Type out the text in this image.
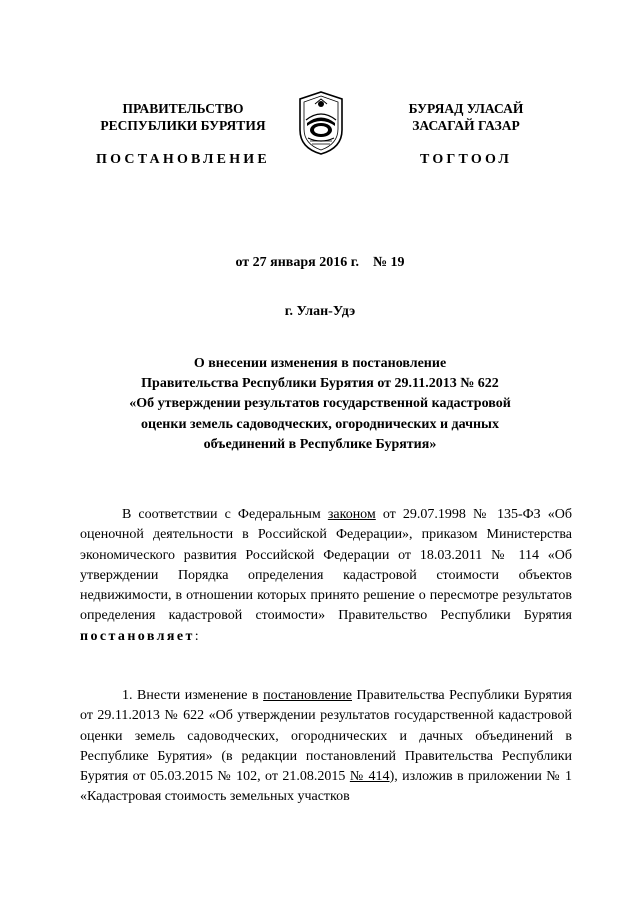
ПРАВИТЕЛЬСТВО
РЕСПУБЛИКИ БУРЯТИЯ
ПОСТАНОВЛЕНИЕ
БУРЯАД УЛАСАЙ
ЗАСАГАЙ ГАЗАР
ТОГТООЛ
от 27 января 2016 г. № 19
г. Улан-Удэ
О внесении изменения в постановление
Правительства Республики Бурятия от 29.11.2013 № 622
«Об утверждении результатов государственной кадастровой
оценки земель садоводческих, огороднических и дачных
объединений в Республике Бурятия»
В соответствии с Федеральным законом от 29.07.1998 № 135-ФЗ «Об оценочной деятельности в Российской Федерации», приказом Министерства экономического развития Российской Федерации от 18.03.2011 № 114 «Об утверждении Порядка определения кадастровой стоимости объектов недвижимости, в отношении которых принято решение о пересмотре результатов определения кадастровой стоимости» Правительство Республики Бурятия постановляет:
1. Внести изменение в постановление Правительства Республики Бурятия от 29.11.2013 № 622 «Об утверждении результатов государственной кадастровой оценки земель садоводческих, огороднических и дачных объединений в Республике Бурятия» (в редакции постановлений Правительства Республики Бурятия от 05.03.2015 № 102, от 21.08.2015 № 414), изложив в приложении № 1 «Кадастровая стоимость земельных участков
